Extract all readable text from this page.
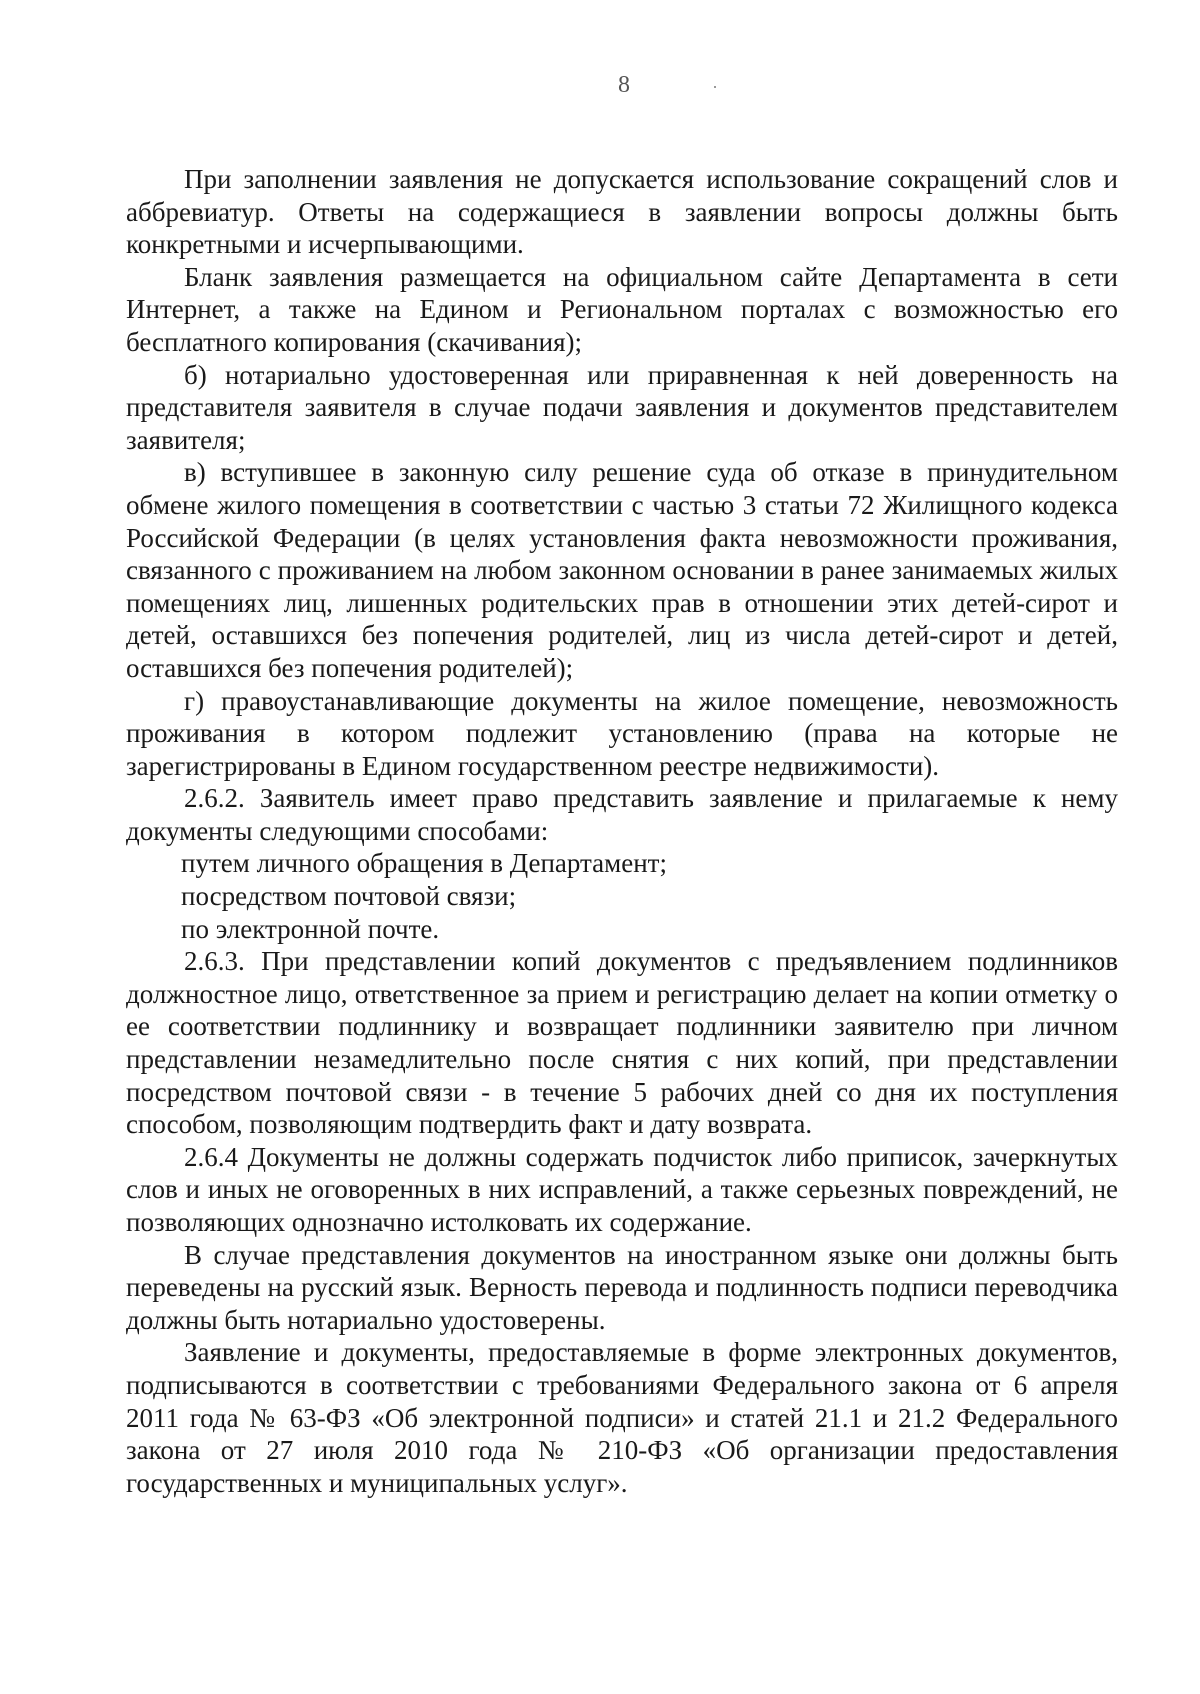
8

При заполнении заявления не допускается использование сокращений слов и аббревиатур. Ответы на содержащиеся в заявлении вопросы должны быть конкретными и исчерпывающими.

Бланк заявления размещается на официальном сайте Департамента в сети Интернет, а также на Едином и Региональном порталах с возможностью его бесплатного копирования (скачивания);

б) нотариально удостоверенная или приравненная к ней доверенность на представителя заявителя в случае подачи заявления и документов представителем заявителя;

в) вступившее в законную силу решение суда об отказе в принудительном обмене жилого помещения в соответствии с частью 3 статьи 72 Жилищного кодекса Российской Федерации (в целях установления факта невозможности проживания, связанного с проживанием на любом законном основании в ранее занимаемых жилых помещениях лиц, лишенных родительских прав в отношении этих детей-сирот и детей, оставшихся без попечения родителей, лиц из числа детей-сирот и детей, оставшихся без попечения родителей);

г) правоустанавливающие документы на жилое помещение, невозможность проживания в котором подлежит установлению (права на которые не зарегистрированы в Едином государственном реестре недвижимости).

2.6.2. Заявитель имеет право представить заявление и прилагаемые к нему документы следующими способами:

путем личного обращения в Департамент;

посредством почтовой связи;

по электронной почте.

2.6.3. При представлении копий документов с предъявлением подлинников должностное лицо, ответственное за прием и регистрацию делает на копии отметку о ее соответствии подлиннику и возвращает подлинники заявителю при личном представлении незамедлительно после снятия с них копий, при представлении посредством почтовой связи - в течение 5 рабочих дней со дня их поступления способом, позволяющим подтвердить факт и дату возврата.

2.6.4 Документы не должны содержать подчисток либо приписок, зачеркнутых слов и иных не оговоренных в них исправлений, а также серьезных повреждений, не позволяющих однозначно истолковать их содержание.

В случае представления документов на иностранном языке они должны быть переведены на русский язык. Верность перевода и подлинность подписи переводчика должны быть нотариально удостоверены.

Заявление и документы, предоставляемые в форме электронных документов, подписываются в соответствии с требованиями Федерального закона от 6 апреля 2011 года № 63-ФЗ «Об электронной подписи» и статей 21.1 и 21.2 Федерального закона от 27 июля 2010 года № 210-ФЗ «Об организации предоставления государственных и муниципальных услуг».
